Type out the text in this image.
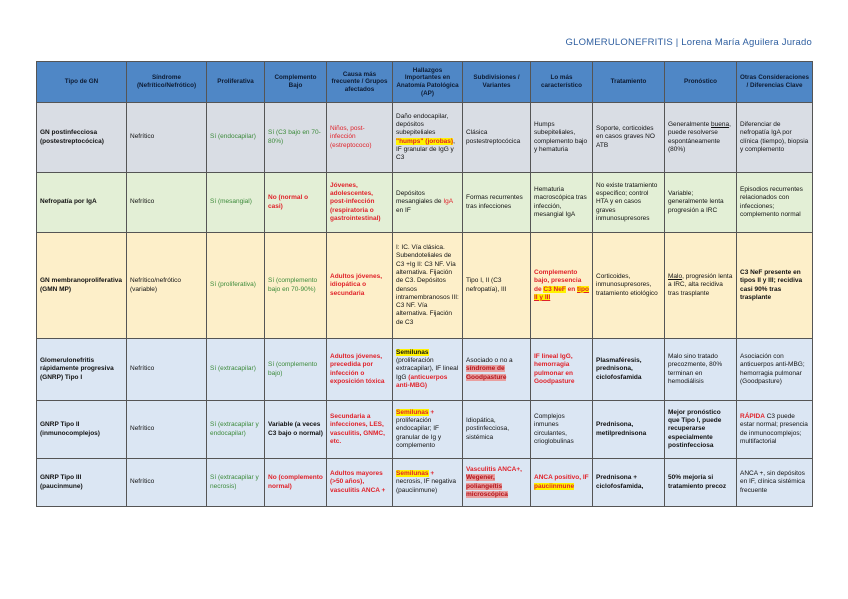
GLOMERULONEFRITIS | Lorena María Aguilera Jurado
Tipo de GN	Síndrome (Nefrítico/Nefrótico)	Proliferativa	Complemento Bajo	Causa más frecuente / Grupos afectados	Hallazgos Importantes en Anatomía Patológica (AP)	Subdivisiones / Variantes	Lo más característico	Tratamiento	Pronóstico	Otras Consideraciones / Diferencias Clave
GN postinfecciosa (postestreptocócica)	Nefrítico	Sí (endocapilar)	Sí (C3 bajo en 70-80%)	Niños, post-infección (estreptococo)	Daño endocapilar, depósitos subepiteliales "humps" (jorobas), IF granular de IgG y C3	Clásica postestreptocócica	Humps subepiteliales, complemento bajo y hematuria	Soporte, corticoides en casos graves NO ATB	Generalmente buena, puede resolverse espontáneamente (80%)	Diferenciar de nefropatía IgA por clínica (tiempo), biopsia y complemento
Nefropatía por IgA	Nefrítico	Sí (mesangial)	No (normal o casi)	Jóvenes, adolescentes, post-infección (respiratoria o gastrointestinal)	Depósitos mesangiales de IgA en IF	Formas recurrentes tras infecciones	Hematuria macroscópica tras infección, mesangial IgA	No existe tratamiento específico; control HTA y en casos graves inmunosupresores	Variable; generalmente lenta progresión a IRC	Episodios recurrentes relacionados con infecciones; complemento normal
GN membranoproliferativa (GMN MP)	Nefrítico/nefrótico (variable)	Sí (proliferativa)	Sí (complemento bajo en 70-90%)	Adultos jóvenes, idiopática o secundaria	I: IC. Vía clásica. Subendoteliales de C3 +Ig II: C3 NF. Vía alternativa. Fijación de C3. Depósitos densos intramembranosos III: C3 NF. Vía alternativa. Fijación de C3	Tipo I, II (C3 nefropatía), III	Complemento bajo, presencia de C3 NeF en tipo II y III	Corticoides, inmunosupresores, tratamiento etiológico	Malo, progresión lenta a IRC, alta recidiva tras trasplante	C3 NeF presente en tipos II y III; recidiva casi 90% tras trasplante
Glomerulonefritis rápidamente progresiva (GNRP) Tipo I	Nefrítico	Sí (extracapilar)	Sí (complemento bajo)	Adultos jóvenes, precedida por infección o exposición tóxica	Semilunas (proliferación extracapilar), IF lineal IgG (anticuerpos anti-MBG)	Asociado o no a síndrome de Goodpasture	IF lineal IgG, hemorragia pulmonar en Goodpasture	Plasmaféresis, prednisona, ciclofosfamida	Malo sino tratado precozmente, 80% terminan en hemodiálisis	Asociación con anticuerpos anti-MBG; hemorragia pulmonar (Goodpasture)
GNRP Tipo II (inmunocomplejos)	Nefrítico	Sí (extracapilar y endocapilar)	Variable (a veces C3 bajo o normal)	Secundaria a infecciones, LES, vasculitis, GNMC, etc.	Semilunas + proliferación endocapilar; IF granular de Ig y complemento	Idiopática, postinfecciosa, sistémica	Complejos inmunes circulantes, crioglobulinas	Prednisona, metilprednisona	Mejor pronóstico que Tipo I, puede recuperarse especialmente postinfecciosa	RÁPIDA C3 puede estar normal; presencia de inmunocomplejos; multifactorial
GNRP Tipo III (paucinmune)	Nefrítico	Sí (extracapilar y necrosis)	No (complemento normal)	Adultos mayores (>50 años), vasculitis ANCA +	Semilunas + necrosis, IF negativa (pauciinmune)	Vasculitis ANCA+, Wegener, poliangeítis microscópica	ANCA positivo, IF pauciinmune	Prednisona + ciclofosfamida,	50% mejoría si tratamiento precoz	ANCA +, sin depósitos en IF, clínica sistémica frecuente
